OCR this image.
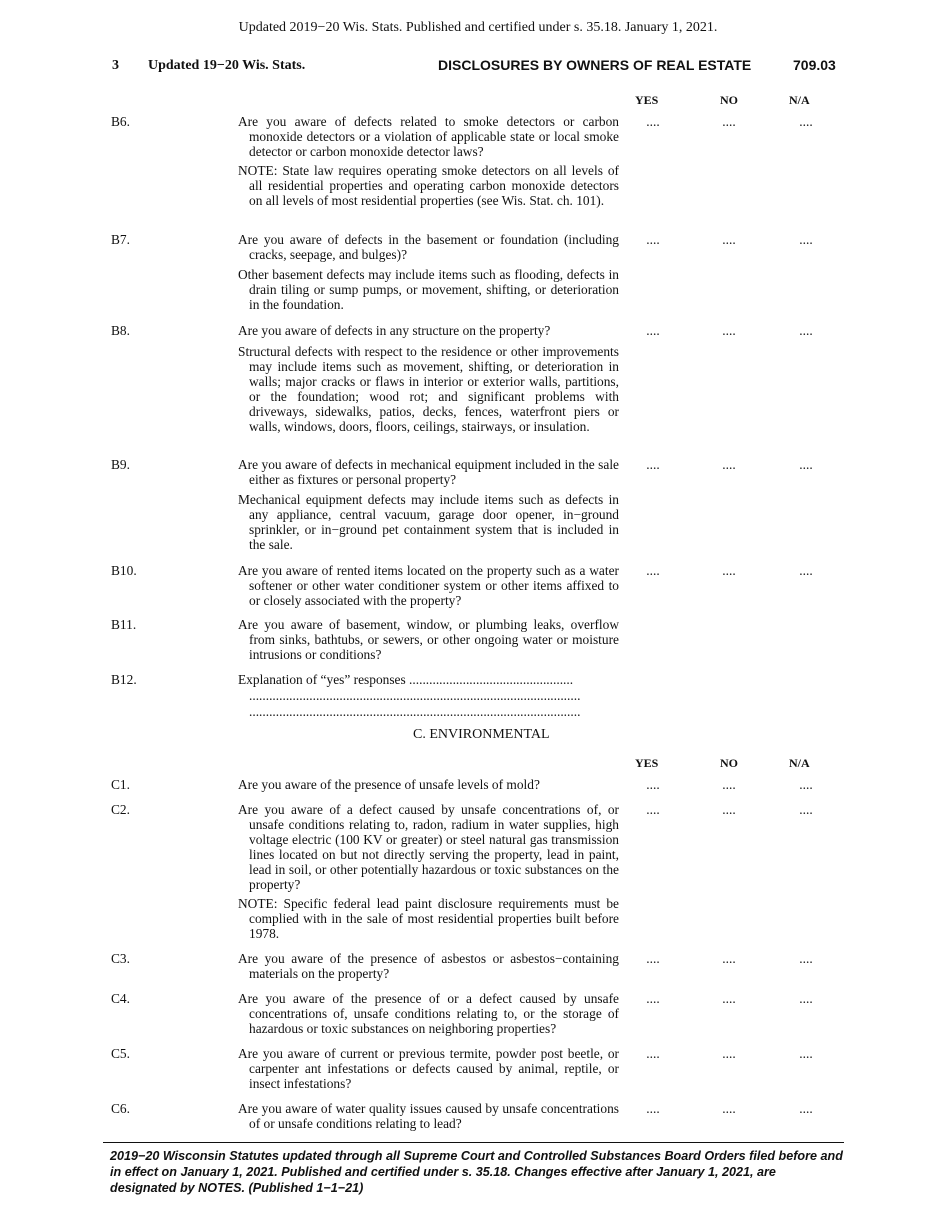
Updated 2019−20 Wis. Stats. Published and certified under s. 35.18. January 1, 2021.
3 Updated 19−20 Wis. Stats.	DISCLOSURES BY OWNERS OF REAL ESTATE	709.03
YES	NO	N/A
B6.	Are you aware of defects related to smoke detectors or carbon monoxide detectors or a violation of applicable state or local smoke detector or carbon monoxide detector laws?
....	....	....
NOTE: State law requires operating smoke detectors on all levels of all residential properties and operating carbon monoxide detectors on all levels of most residential properties (see Wis. Stat. ch. 101).
B7.	Are you aware of defects in the basement or foundation (including cracks, seepage, and bulges)?
....	....	....
Other basement defects may include items such as flooding, defects in drain tiling or sump pumps, or movement, shifting, or deterioration in the foundation.
B8.	Are you aware of defects in any structure on the property?	....	....	....
Structural defects with respect to the residence or other improvements may include items such as movement, shifting, or deterioration in walls; major cracks or flaws in interior or exterior walls, partitions, or the foundation; wood rot; and significant problems with driveways, sidewalks, patios, decks, fences, waterfront piers or walls, windows, doors, floors, ceilings, stairways, or insulation.
B9.	Are you aware of defects in mechanical equipment included in the sale either as fixtures or personal property?
....	....	....
Mechanical equipment defects may include items such as defects in any appliance, central vacuum, garage door opener, in−ground sprinkler, or in−ground pet containment system that is included in the sale.
B10.	Are you aware of rented items located on the property such as a water softener or other water conditioner system or other items affixed to or closely associated with the property?
....	....	....
B11.	Are you aware of basement, window, or plumbing leaks, overflow from sinks, bathtubs, or sewers, or other ongoing water or moisture intrusions or conditions?
B12.	Explanation of “yes” responses .................................................
...................................................................................................
...................................................................................................
C. ENVIRONMENTAL
YES	NO	N/A
C1.	Are you aware of the presence of unsafe levels of mold?	....	....	....
C2.	Are you aware of a defect caused by unsafe concentrations of, or unsafe conditions relating to, radon, radium in water supplies, high voltage electric (100 KV or greater) or steel natural gas transmission lines located on but not directly serving the property, lead in paint, lead in soil, or other potentially hazardous or toxic substances on the property?
....	....	....
NOTE: Specific federal lead paint disclosure requirements must be complied with in the sale of most residential properties built before 1978.
C3.	Are you aware of the presence of asbestos or asbestos−containing materials on the property?
....	....	....
C4.	Are you aware of the presence of or a defect caused by unsafe concentrations of, unsafe conditions relating to, or the storage of hazardous or toxic substances on neighboring properties?
....	....	....
C5.	Are you aware of current or previous termite, powder post beetle, or carpenter ant infestations or defects caused by animal, reptile, or insect infestations?
....	....	....
C6.	Are you aware of water quality issues caused by unsafe concentrations of or unsafe conditions relating to lead?
....	....	....
2019−20 Wisconsin Statutes updated through all Supreme Court and Controlled Substances Board Orders filed before and in effect on January 1, 2021. Published and certified under s. 35.18. Changes effective after January 1, 2021, are designated by NOTES. (Published 1−1−21)
